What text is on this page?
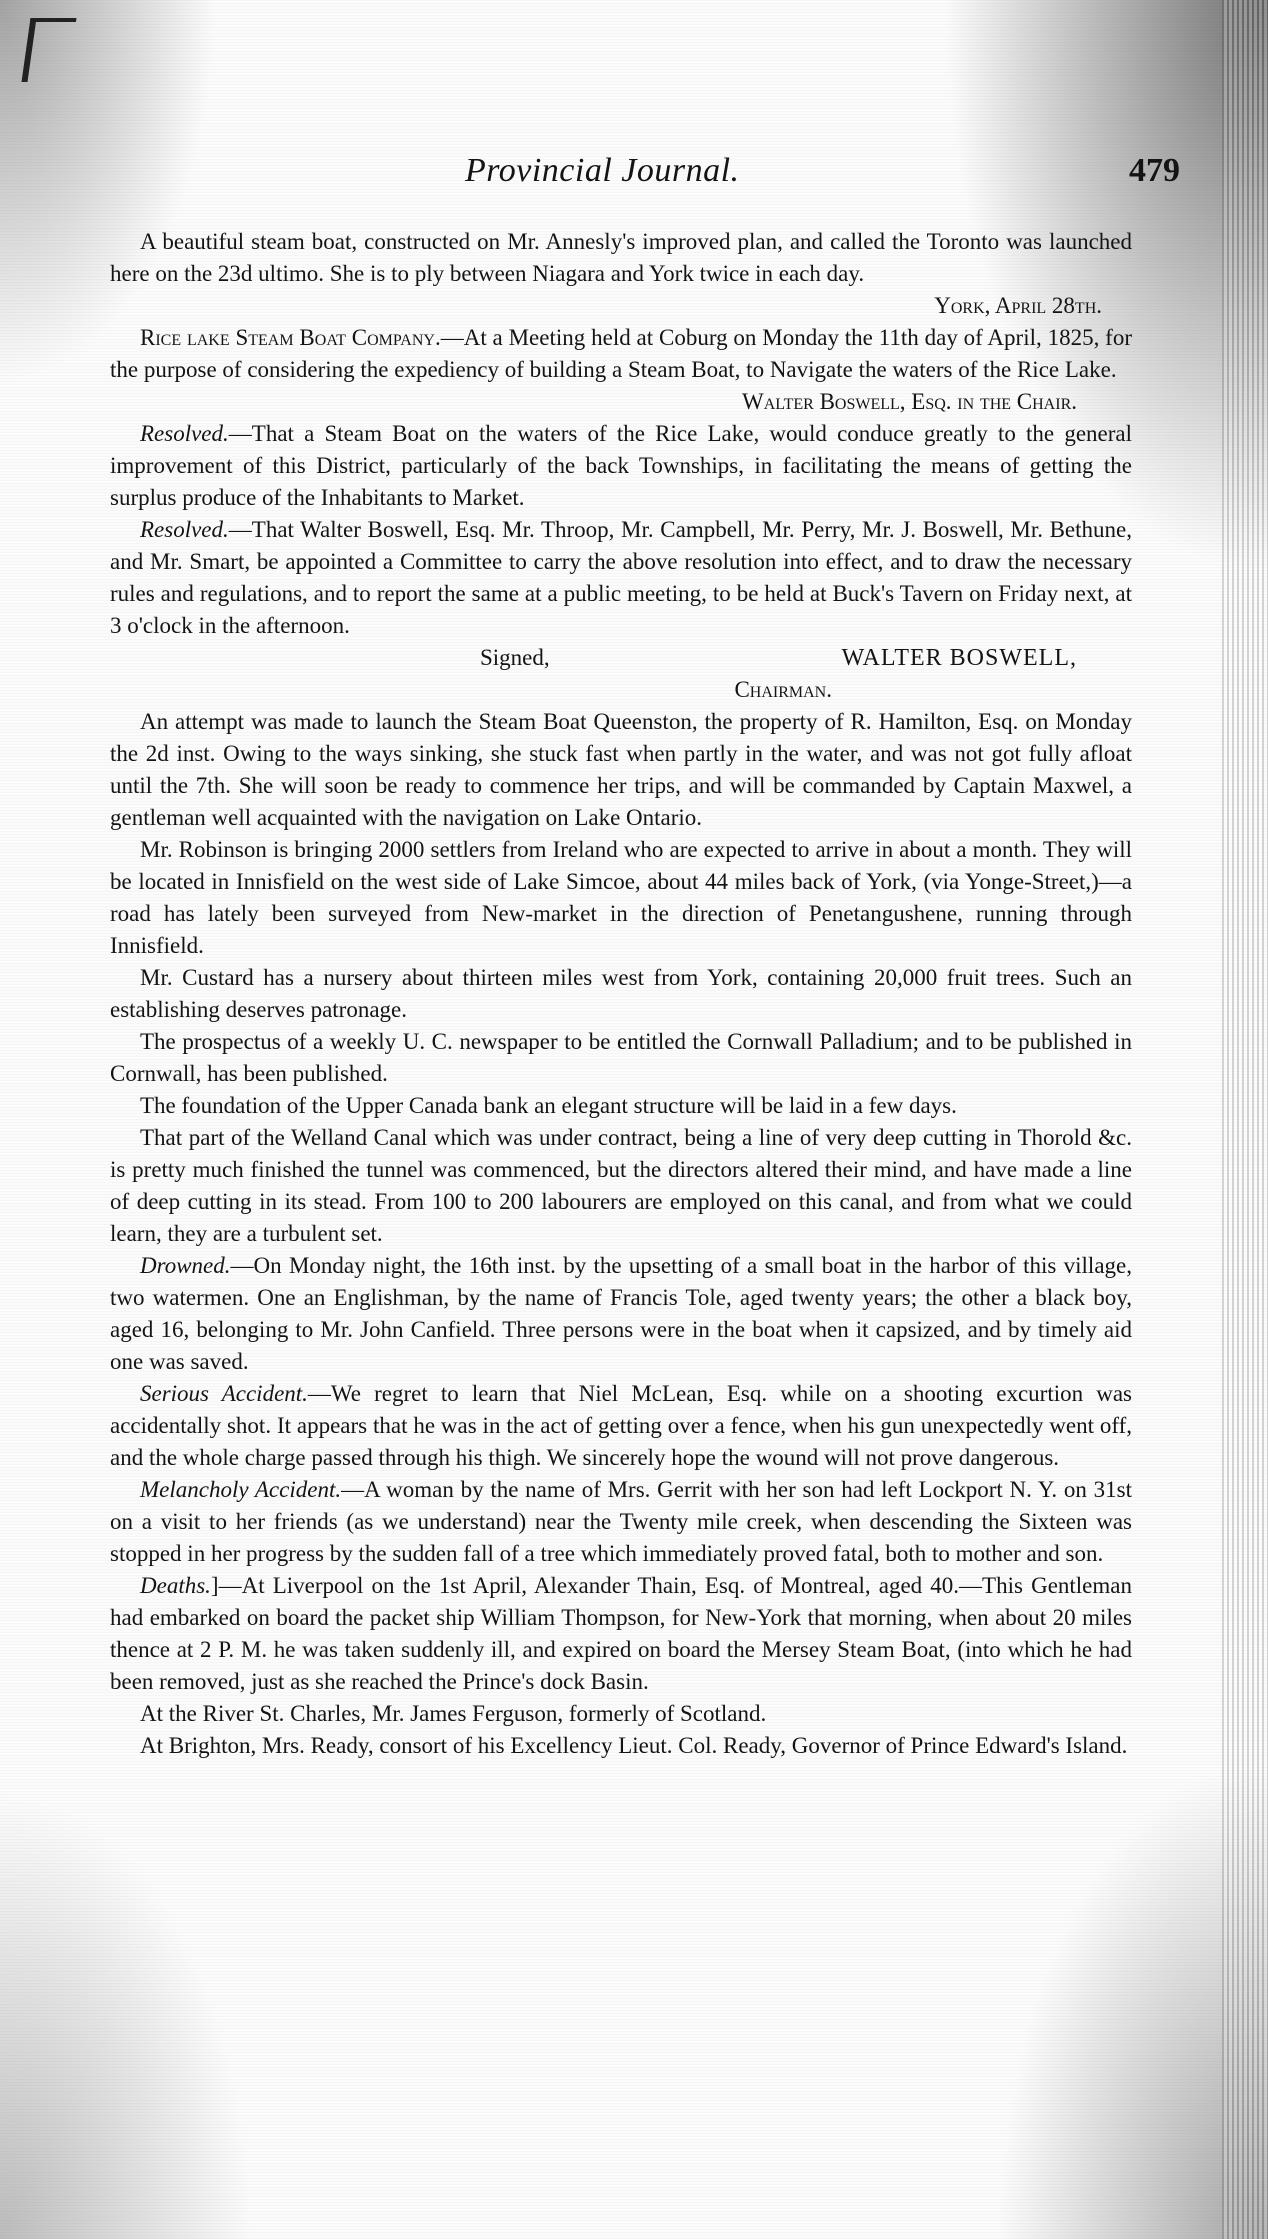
Provincial Journal.	479

A beautiful steam boat, constructed on Mr. Annesly's improved plan, and called the Toronto was launched here on the 23d ultimo. She is to ply between Niagara and York twice in each day.

York, April 28th.

Rice lake Steam Boat Company.—At a Meeting held at Coburg on Monday the 11th day of April, 1825, for the purpose of considering the expediency of building a Steam Boat, to Navigate the waters of the Rice Lake.

Walter Boswell, Esq. in the Chair.

Resolved.—That a Steam Boat on the waters of the Rice Lake, would conduce greatly to the general improvement of this District, particularly of the back Townships, in facilitating the means of getting the surplus produce of the Inhabitants to Market.

Resolved.—That Walter Boswell, Esq. Mr. Throop, Mr. Campbell, Mr. Perry, Mr. J. Boswell, Mr. Bethune, and Mr. Smart, be appointed a Committee to carry the above resolution into effect, and to draw the necessary rules and regulations, and to report the same at a public meeting, to be held at Buck's Tavern on Friday next, at 3 o'clock in the afternoon.

Signed,	WALTER BOSWELL,
Chairman.

An attempt was made to launch the Steam Boat Queenston, the property of R. Hamilton, Esq. on Monday the 2d inst. Owing to the ways sinking, she stuck fast when partly in the water, and was not got fully afloat until the 7th. She will soon be ready to commence her trips, and will be commanded by Captain Maxwel, a gentleman well acquainted with the navigation on Lake Ontario.

Mr. Robinson is bringing 2000 settlers from Ireland who are expected to arrive in about a month. They will be located in Innisfield on the west side of Lake Simcoe, about 44 miles back of York, (via Yonge-Street,)—a road has lately been surveyed from New-market in the direction of Penetangushene, running through Innisfield.

Mr. Custard has a nursery about thirteen miles west from York, containing 20,000 fruit trees. Such an establishing deserves patronage.

The prospectus of a weekly U. C. newspaper to be entitled the Cornwall Palladium; and to be published in Cornwall, has been published.

The foundation of the Upper Canada bank an elegant structure will be laid in a few days.

That part of the Welland Canal which was under contract, being a line of very deep cutting in Thorold &c. is pretty much finished the tunnel was commenced, but the directors altered their mind, and have made a line of deep cutting in its stead. From 100 to 200 labourers are employed on this canal, and from what we could learn, they are a turbulent set.

Drowned.—On Monday night, the 16th inst. by the upsetting of a small boat in the harbor of this village, two watermen. One an Englishman, by the name of Francis Tole, aged twenty years; the other a black boy, aged 16, belonging to Mr. John Canfield. Three persons were in the boat when it capsized, and by timely aid one was saved.

Serious Accident.—We regret to learn that Niel McLean, Esq. while on a shooting excurtion was accidentally shot. It appears that he was in the act of getting over a fence, when his gun unexpectedly went off, and the whole charge passed through his thigh. We sincerely hope the wound will not prove dangerous.

Melancholy Accident.—A woman by the name of Mrs. Gerrit with her son had left Lockport N. Y. on 31st on a visit to her friends (as we understand) near the Twenty mile creek, when descending the Sixteen was stopped in her progress by the sudden fall of a tree which immediately proved fatal, both to mother and son.

Deaths.]—At Liverpool on the 1st April, Alexander Thain, Esq. of Montreal, aged 40.—This Gentleman had embarked on board the packet ship William Thompson, for New-York that morning, when about 20 miles thence at 2 P. M. he was taken suddenly ill, and expired on board the Mersey Steam Boat, (into which he had been removed, just as she reached the Prince's dock Basin.

At the River St. Charles, Mr. James Ferguson, formerly of Scotland.

At Brighton, Mrs. Ready, consort of his Excellency Lieut. Col. Ready, Governor of Prince Edward's Island.
